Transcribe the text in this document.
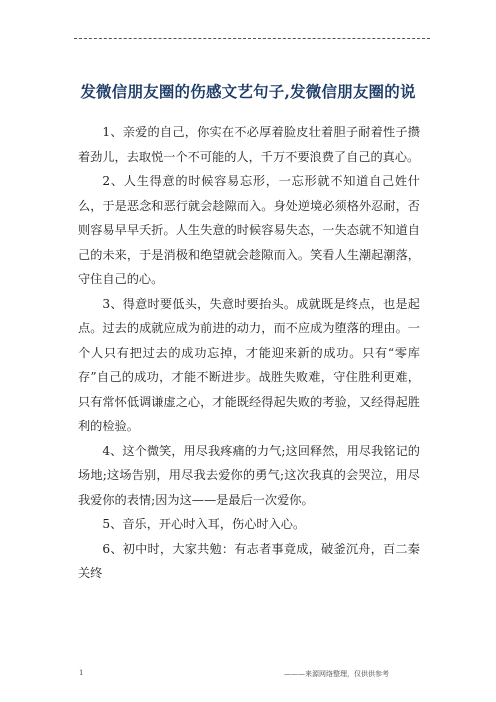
发微信朋友圈的伤感文艺句子,发微信朋友圈的说

1、亲爱的自己，你实在不必厚着脸皮壮着胆子耐着性子攒着劲儿，去取悦一个不可能的人，千万不要浪费了自己的真心。

2、人生得意的时候容易忘形，一忘形就不知道自己姓什么，于是恶念和恶行就会趁隙而入。身处逆境必须格外忍耐，否则容易早早夭折。人生失意的时候容易失态，一失态就不知道自己的未来，于是消极和绝望就会趁隙而入。笑看人生潮起潮落，守住自己的心。

3、得意时要低头，失意时要抬头。成就既是终点，也是起点。过去的成就应成为前进的动力，而不应成为堕落的理由。一个人只有把过去的成功忘掉，才能迎来新的成功。只有“零库存”自己的成功，才能不断进步。战胜失败难，守住胜利更难，只有常怀低调谦虚之心，才能既经得起失败的考验，又经得起胜利的检验。

4、这个微笑，用尽我疼痛的力气;这回释然，用尽我铭记的场地;这场告别，用尽我去爱你的勇气;这次我真的会哭泣，用尽我爱你的表情;因为这——是最后一次爱你。

5、音乐，开心时入耳，伤心时入心。

6、初中时，大家共勉：有志者事竟成，破釜沉舟，百二秦关终

1	———来源网络整理，仅供供参考
